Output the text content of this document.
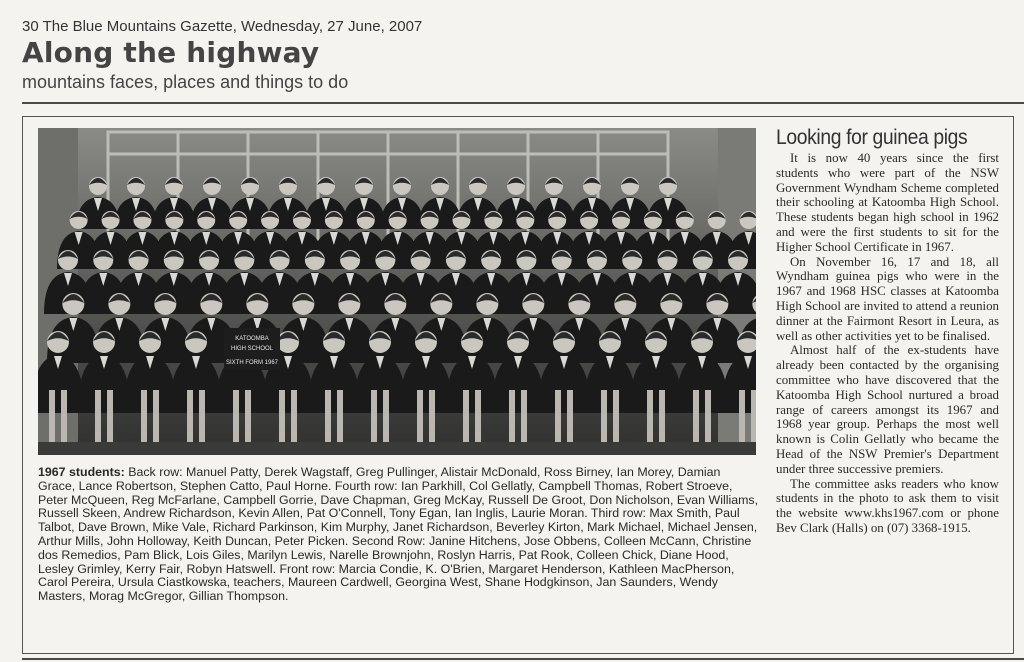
30 The Blue Mountains Gazette, Wednesday, 27 June, 2007
Along the highway
mountains faces, places and things to do
KATOOMBA
HIGH SCHOOL
SIXTH FORM 1967
1967 students: Back row: Manuel Patty, Derek Wagstaff, Greg Pullinger, Alistair McDonald, Ross Birney, Ian Morey, Damian Grace, Lance Robertson, Stephen Catto, Paul Horne. Fourth row: Ian Parkhill, Col Gellatly, Campbell Thomas, Robert Stroeve, Peter McQueen, Reg McFarlane, Campbell Gorrie, Dave Chapman, Greg McKay, Russell De Groot, Don Nicholson, Evan Williams, Russell Skeen, Andrew Richardson, Kevin Allen, Pat O'Connell, Tony Egan, Ian Inglis, Laurie Moran. Third row: Max Smith, Paul Talbot, Dave Brown, Mike Vale, Richard Parkinson, Kim Murphy, Janet Richardson, Beverley Kirton, Mark Michael, Michael Jensen, Arthur Mills, John Holloway, Keith Duncan, Peter Picken. Second Row: Janine Hitchens, Jose Obbens, Colleen McCann, Christine dos Remedios, Pam Blick, Lois Giles, Marilyn Lewis, Narelle Brownjohn, Roslyn Harris, Pat Rook, Colleen Chick, Diane Hood, Lesley Grimley, Kerry Fair, Robyn Hatswell. Front row: Marcia Condie, K. O'Brien, Margaret Henderson, Kathleen MacPherson, Carol Pereira, Ursula Ciastkowska, teachers, Maureen Cardwell, Georgina West, Shane Hodgkinson, Jan Saunders, Wendy Masters, Morag McGregor, Gillian Thompson.
Looking for guinea pigs

It is now 40 years since the first students who were part of the NSW Government Wyndham Scheme completed their schooling at Katoomba High School. These students began high school in 1962 and were the first students to sit for the Higher School Certificate in 1967.

On November 16, 17 and 18, all Wyndham guinea pigs who were in the 1967 and 1968 HSC classes at Katoomba High School are invited to attend a reunion dinner at the Fairmont Resort in Leura, as well as other activities yet to be finalised.

Almost half of the ex-students have already been contacted by the organising committee who have discovered that the Katoomba High School nurtured a broad range of careers amongst its 1967 and 1968 year group. Perhaps the most well known is Colin Gellatly who became the Head of the NSW Premier's Department under three successive premiers.

The committee asks readers who know students in the photo to ask them to visit the website www.khs1967.com or phone Bev Clark (Halls) on (07) 3368-1915.
